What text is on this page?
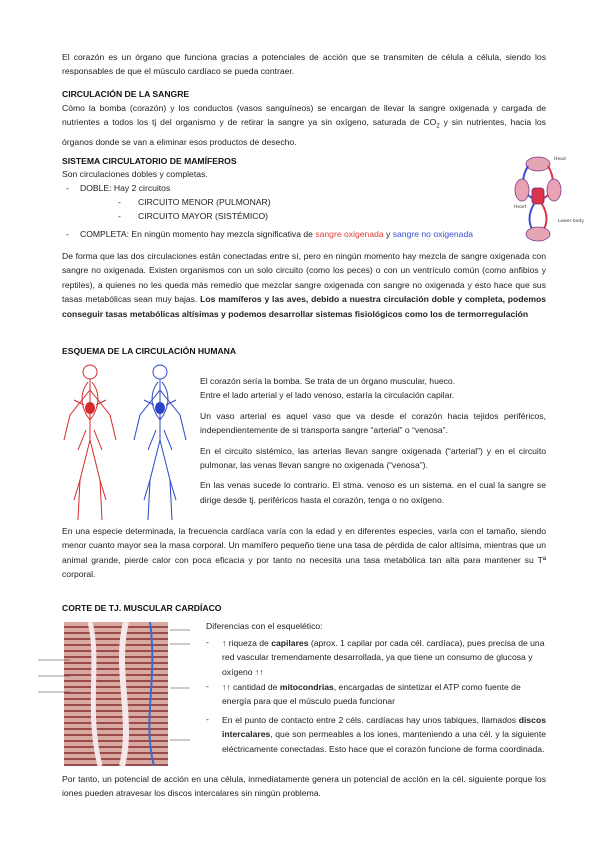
El corazón es un órgano que funciona gracias a potenciales de acción que se transmiten de célula a célula, siendo los responsables de que el músculo cardíaco se pueda contraer.

CIRCULACIÓN DE LA SANGRE

Cómo la bomba (corazón) y los conductos (vasos sanguíneos) se encargan de llevar la sangre oxigenada y cargada de nutrientes a todos los tj del organismo y de retirar la sangre ya sin oxígeno, saturada de $CO_2$ y sin nutrientes, hacia los órganos donde se van a eliminar esos productos de desecho.

SISTEMA CIRCULATORIO DE MAMÍFEROS
Son circulaciones dobles y completas.
- DOBLE: Hay 2 circuitos
- CIRCUITO MENOR (PULMONAR)
- CIRCUITO MAYOR (SISTÉMICO)
- COMPLETA: En ningún momento hay mezcla significativa de sangre oxigenada y sangre no oxigenada
Head
Heart
Lower body

De forma que las dos circulaciones están conectadas entre sí, pero en ningún momento hay mezcla de sangre oxigenada con sangre no oxigenada. Existen organismos con un solo circuito (como los peces) o con un ventrículo común (como anfibios y reptiles), a quienes no les queda más remedio que mezclar sangre oxigenada con sangre no oxigenada y esto hace que sus tasas metabólicas sean muy bajas. Los mamíferos y las aves, debido a nuestra circulación doble y completa, podemos conseguir tasas metabólicas altísimas y podemos desarrollar sistemas fisiológicos como los de termorregulación

ESQUEMA DE LA CIRCULACIÓN HUMANA

El corazón sería la bomba. Se trata de un órgano muscular, hueco.

Entre el lado arterial y el lado venoso, estaría la circulación capilar.

Un vaso arterial es aquel vaso que va desde el corazón hacia tejidos periféricos, independientemente de si transporta sangre “arterial” o “venosa”.

En el circuito sistémico, las arterias llevan sangre oxigenada (“arterial”) y en el circuito pulmonar, las venas llevan sangre no oxigenada (“venosa”).

En las venas sucede lo contrario. El stma. venoso es un sistema. en el cual la sangre se dirige desde tj. periféricos hasta el corazón, tenga o no oxígeno.

En una especie determinada, la frecuencia cardíaca varía con la edad y en diferentes especies, varía con el tamaño, siendo menor cuanto mayor sea la masa corporal. Un mamífero pequeño tiene una tasa de pérdida de calor altísima, mientras que un animal grande, pierde calor con poca eficacia y por tanto no necesita una tasa metabólica tan alta para mantener su Tª corporal.

CORTE DE TJ. MUSCULAR CARDÍACO
Diferencias con el esquelético:
- ↑ riqueza de capilares (aprox. 1 capilar por cada cél. cardíaca), pues precisa de una red vascular tremendamente desarrollada, ya que tiene un consumo de glucosa y oxígeno ↑↑

- ↑↑ cantidad de mitocondrias, encargadas de sintetizar el ATP como fuente de energía para que el músculo pueda funcionar

- En el punto de contacto entre 2 céls. cardíacas hay unos tabiques, llamados discos intercalares, que son permeables a los iones, manteniendo a una cél. y la siguiente eléctricamente conectadas. Esto hace que el corazón funcione de forma coordinada.

Por tanto, un potencial de acción en una célula, inmediatamente genera un potencial de acción en la cél. siguiente porque los iones pueden atravesar los discos intercalares sin ningún problema.
